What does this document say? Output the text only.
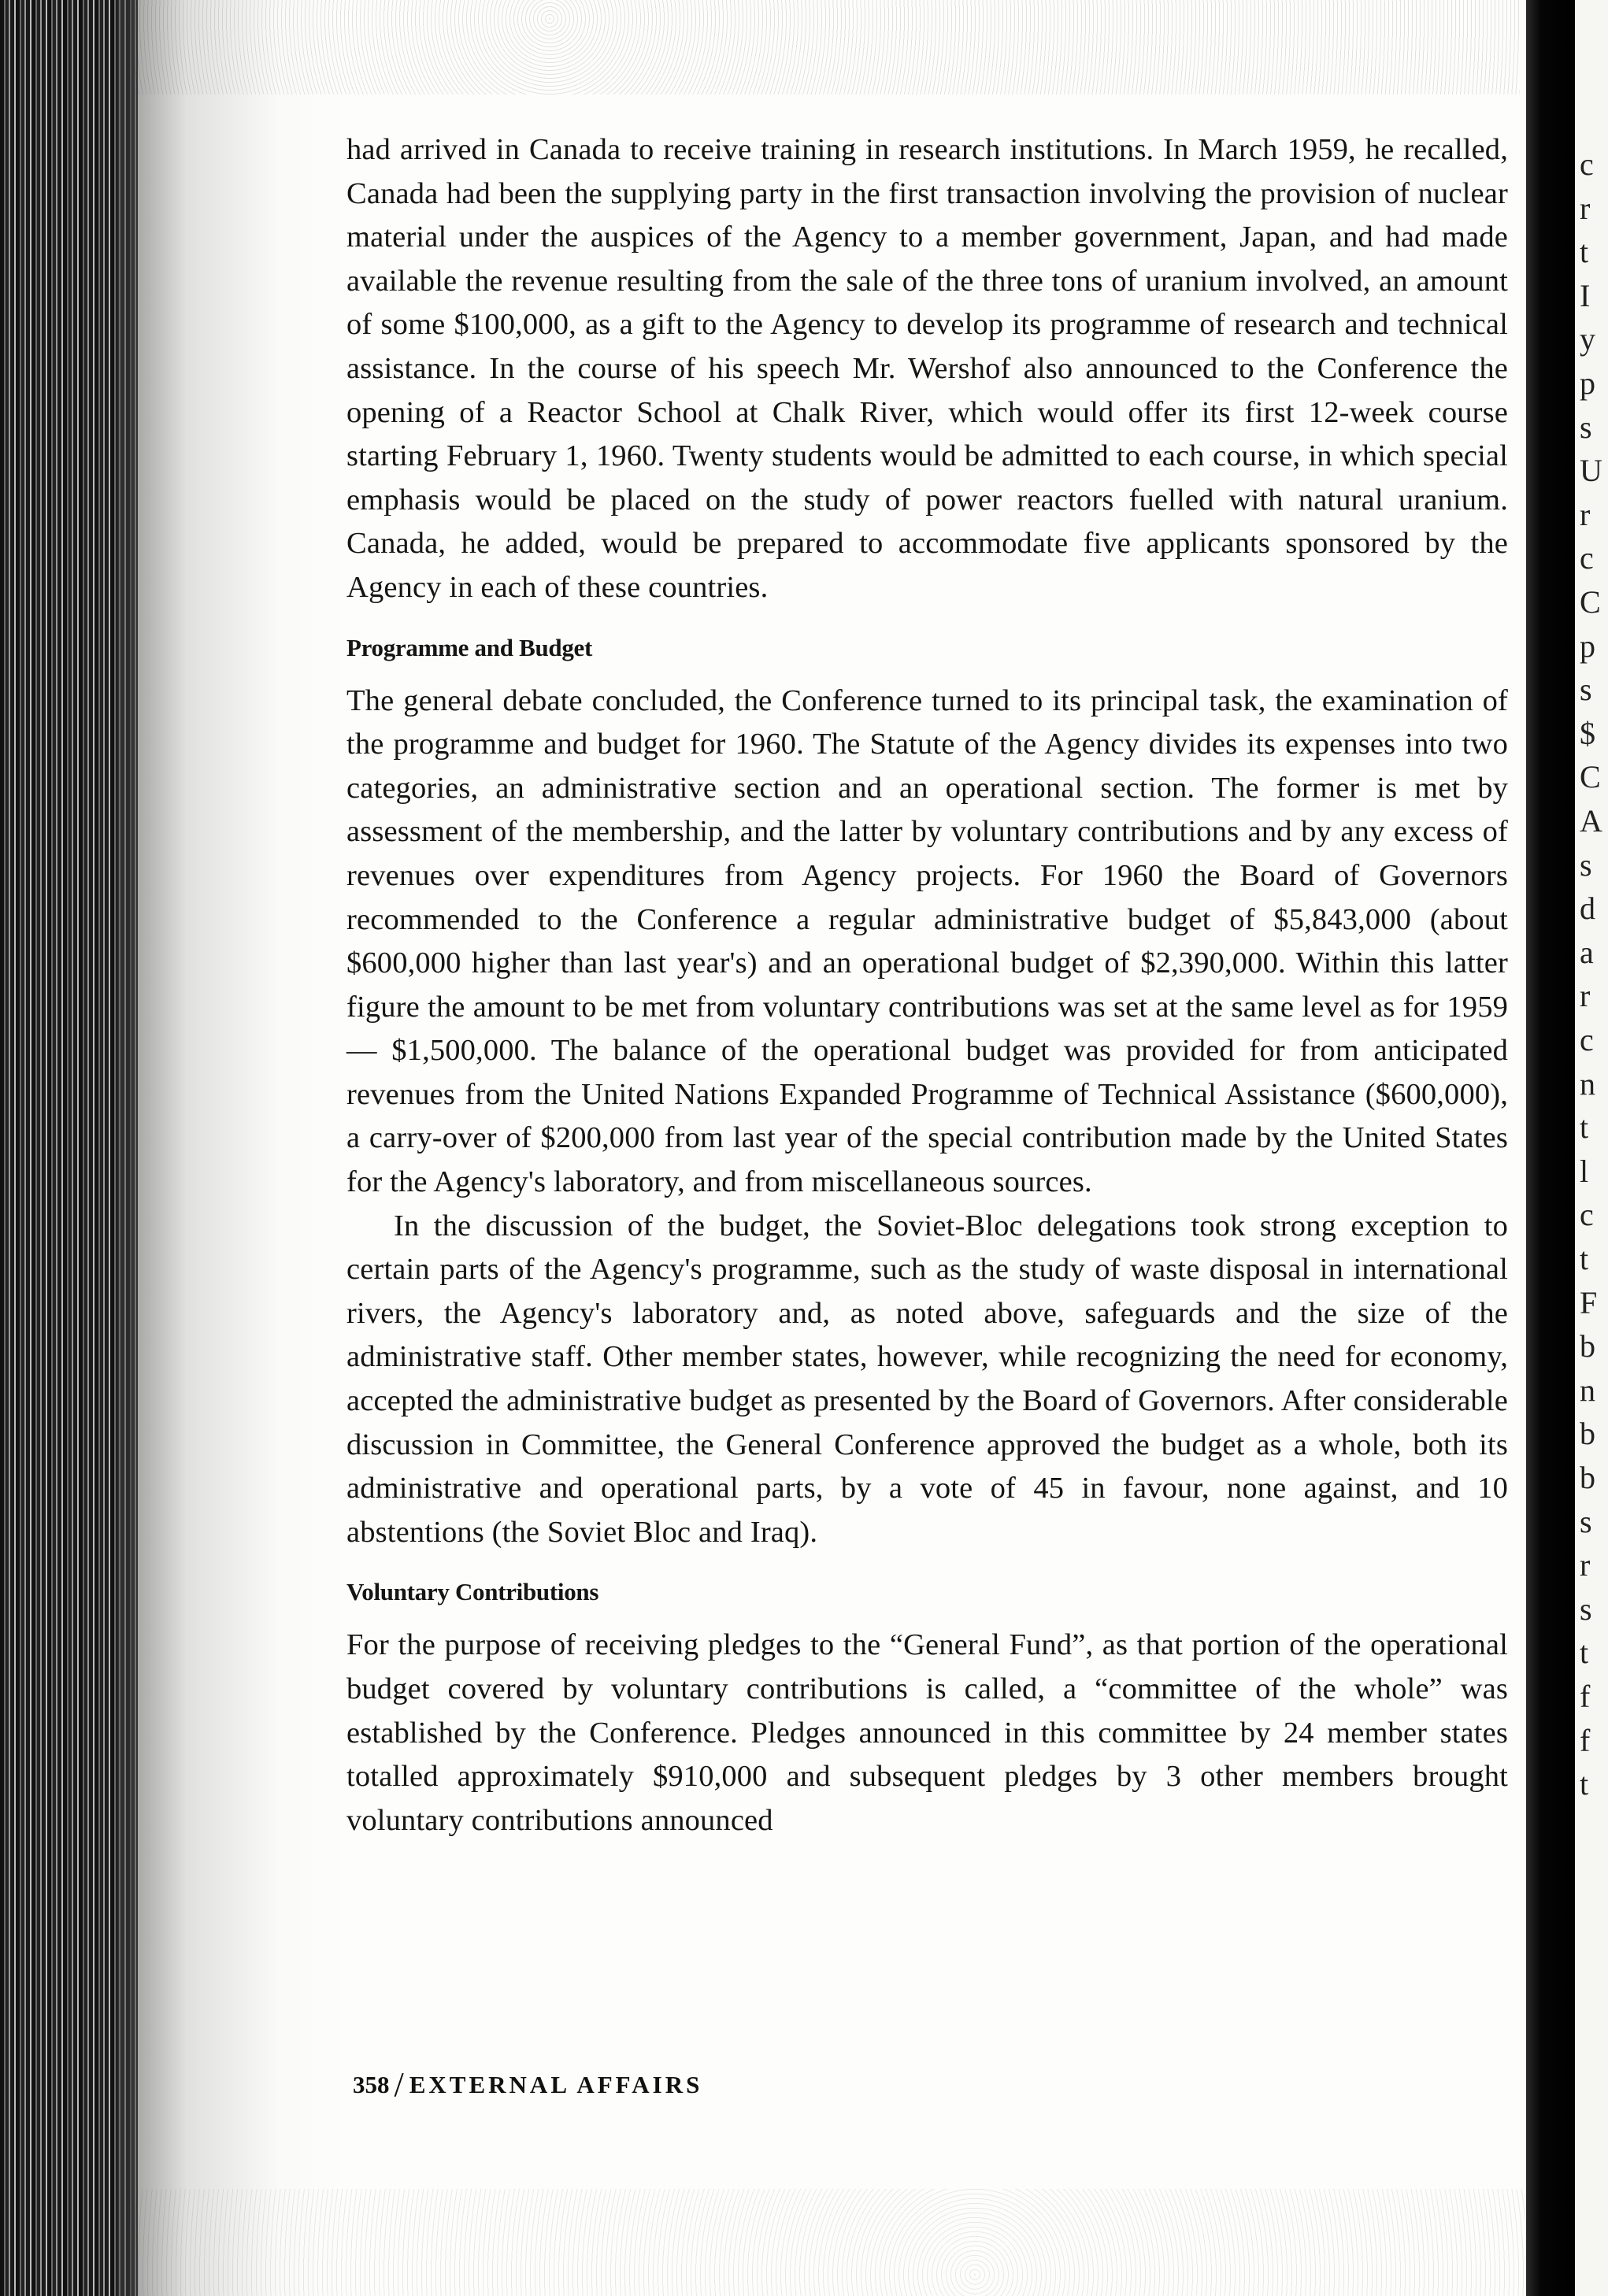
had arrived in Canada to receive training in research institutions. In March 1959, he recalled, Canada had been the supplying party in the first transaction involving the provision of nuclear material under the auspices of the Agency to a member government, Japan, and had made available the revenue resulting from the sale of the three tons of uranium involved, an amount of some $100,000, as a gift to the Agency to develop its programme of research and technical assistance. In the course of his speech Mr. Wershof also announced to the Conference the opening of a Reactor School at Chalk River, which would offer its first 12-week course starting February 1, 1960. Twenty students would be admitted to each course, in which special emphasis would be placed on the study of power reactors fuelled with natural uranium. Canada, he added, would be prepared to accommodate five applicants sponsored by the Agency in each of these countries.

Programme and Budget

The general debate concluded, the Conference turned to its principal task, the examination of the programme and budget for 1960. The Statute of the Agency divides its expenses into two categories, an administrative section and an operational section. The former is met by assessment of the membership, and the latter by voluntary contributions and by any excess of revenues over expenditures from Agency projects. For 1960 the Board of Governors recommended to the Conference a regular administrative budget of $5,843,000 (about $600,000 higher than last year's) and an operational budget of $2,390,000. Within this latter figure the amount to be met from voluntary contributions was set at the same level as for 1959 — $1,500,000. The balance of the operational budget was provided for from anticipated revenues from the United Nations Expanded Programme of Technical Assistance ($600,000), a carry-over of $200,000 from last year of the special contribution made by the United States for the Agency's laboratory, and from miscellaneous sources.

In the discussion of the budget, the Soviet-Bloc delegations took strong exception to certain parts of the Agency's programme, such as the study of waste disposal in international rivers, the Agency's laboratory and, as noted above, safeguards and the size of the administrative staff. Other member states, however, while recognizing the need for economy, accepted the administrative budget as presented by the Board of Governors. After considerable discussion in Committee, the General Conference approved the budget as a whole, both its administrative and operational parts, by a vote of 45 in favour, none against, and 10 abstentions (the Soviet Bloc and Iraq).

Voluntary Contributions

For the purpose of receiving pledges to the “General Fund”, as that portion of the operational budget covered by voluntary contributions is called, a “committee of the whole” was established by the Conference. Pledges announced in this committee by 24 member states totalled approximately $910,000 and subsequent pledges by 3 other members brought voluntary contributions announced

358 / EXTERNAL AFFAIRS
c
r
t
I
y
p
s
U
r
c
C
p
s
$
C
A
s
d
a
r
c
n
t
l
c
t
F
b
n
b
b
s
r
s
t
f
f
t
